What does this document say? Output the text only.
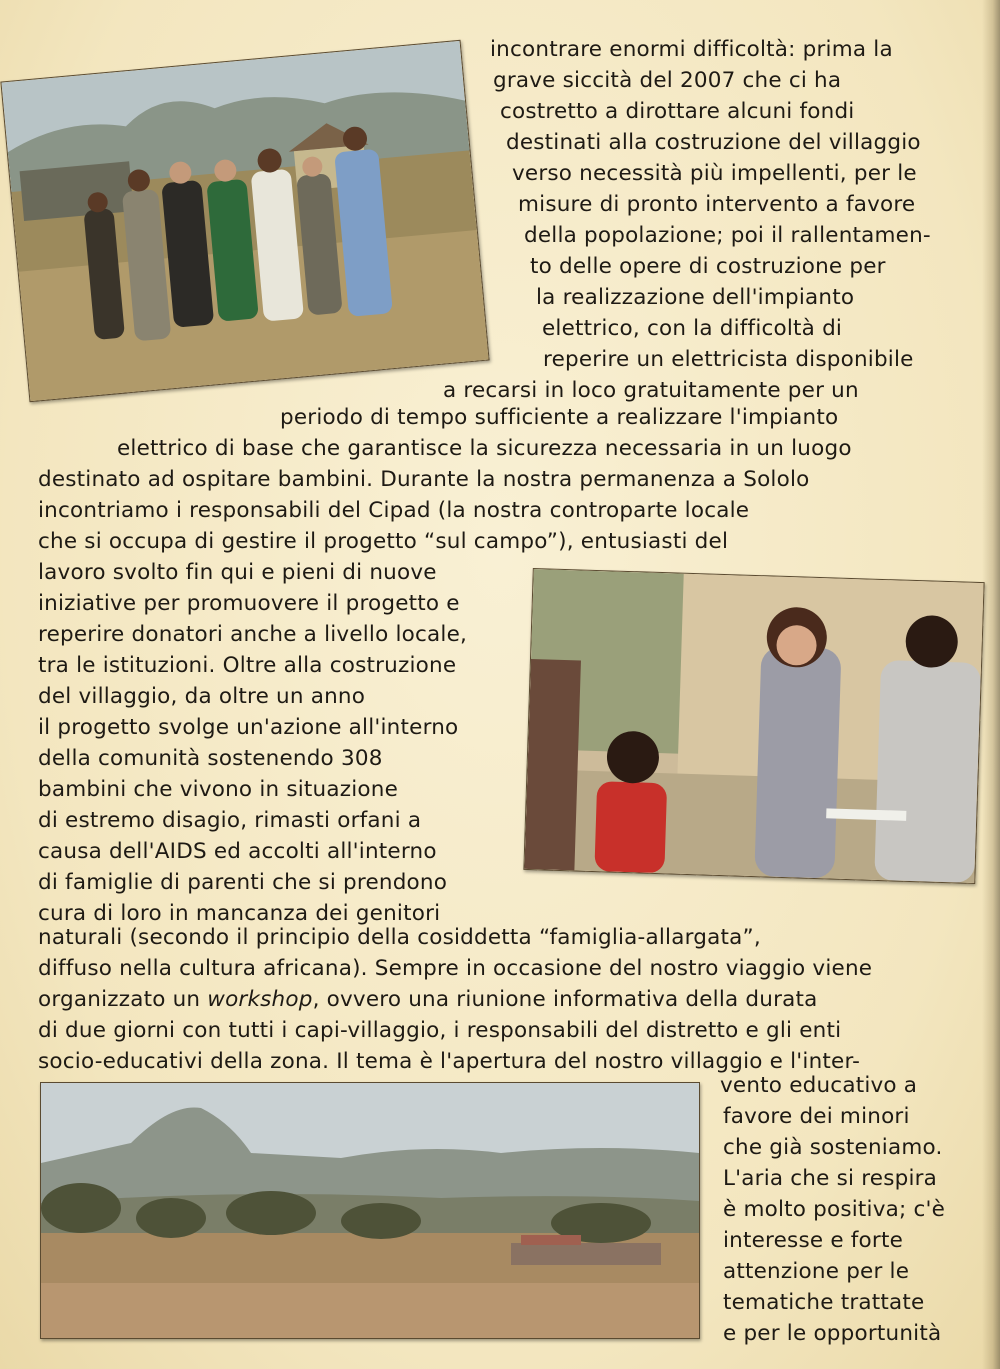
incontrare enormi difficoltà: prima la
grave siccità del 2007 che ci ha
costretto a dirottare alcuni fondi
destinati alla costruzione del villaggio
verso necessità più impellenti, per le
misure di pronto intervento a favore
della popolazione; poi il rallentamen-
to delle opere di costruzione per
la realizzazione dell'impianto
elettrico, con la difficoltà di
reperire un elettricista disponibile
a recarsi in loco gratuitamente per un
periodo di tempo sufficiente a realizzare l'impianto
elettrico di base che garantisce la sicurezza necessaria in un luogo
destinato ad ospitare bambini. Durante la nostra permanenza a Sololo
incontriamo i responsabili del Cipad (la nostra controparte locale
che si occupa di gestire il progetto “sul campo”), entusiasti del
lavoro svolto fin qui e pieni di nuove
iniziative per promuovere il progetto e
reperire donatori anche a livello locale,
tra le istituzioni. Oltre alla costruzione
del villaggio, da oltre un anno
il progetto svolge un'azione all'interno
della comunità sostenendo 308
bambini che vivono in situazione
di estremo disagio, rimasti orfani a
causa dell'AIDS ed accolti all'interno
di famiglie di parenti che si prendono
cura di loro in mancanza dei genitori
naturali (secondo il principio della cosiddetta “famiglia-allargata”,
diffuso nella cultura africana). Sempre in occasione del nostro viaggio viene
organizzato un workshop, ovvero una riunione informativa della durata
di due giorni con tutti i capi-villaggio, i responsabili del distretto e gli enti
socio-educativi della zona. Il tema è l'apertura del nostro villaggio e l'inter-
vento educativo a
favore dei minori
che già sosteniamo.
L'aria che si respira
è molto positiva; c'è
interesse e forte
attenzione per le
tematiche trattate
e per le opportunità
